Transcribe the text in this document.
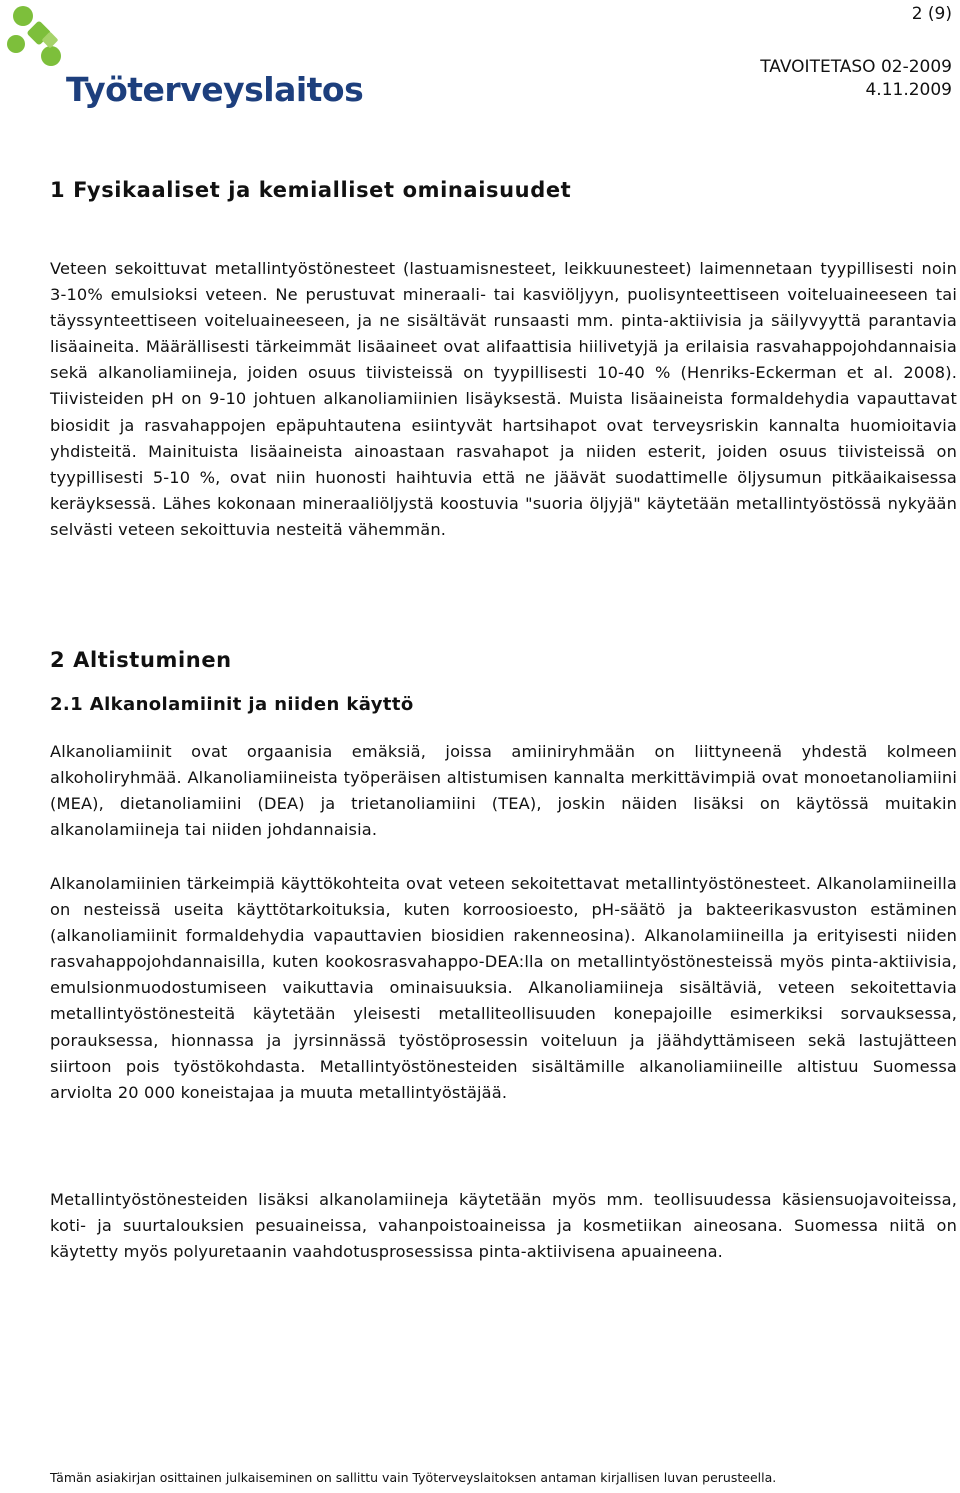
2 (9)
Työterveyslaitos
TAVOITETASO 02-2009
4.11.2009
1 Fysikaaliset ja kemialliset ominaisuudet

Veteen sekoittuvat metallintyöstönesteet (lastuamisnesteet, leikkuunesteet) laimennetaan tyypillisesti noin 3-10% emulsioksi veteen. Ne perustuvat mineraali- tai kasviöljyyn, puolisynteettiseen voiteluaineeseen tai täyssynteettiseen voiteluaineeseen, ja ne sisältävät runsaasti mm. pinta-aktiivisia ja säilyvyyttä parantavia lisäaineita. Määrällisesti tärkeimmät lisäaineet ovat alifaattisia hiilivetyjä ja erilaisia rasvahappojohdannaisia sekä alkanoliamiineja, joiden osuus tiivisteissä on tyypillisesti 10-40 % (Henriks-Eckerman et al. 2008). Tiivisteiden pH on 9-10 johtuen alkanoliamiinien lisäyksestä. Muista lisäaineista formaldehydia vapauttavat biosidit ja rasvahappojen epäpuhtautena esiintyvät hartsihapot ovat terveysriskin kannalta huomioitavia yhdisteitä. Mainituista lisäaineista ainoastaan rasvahapot ja niiden esterit, joiden osuus tiivisteissä on tyypillisesti 5-10 %, ovat niin huonosti haihtuvia että ne jäävät suodattimelle öljysumun pitkäaikaisessa keräyksessä. Lähes kokonaan mineraaliöljystä koostuvia "suoria öljyjä" käytetään metallintyöstössä nykyään selvästi veteen sekoittuvia nesteitä vähemmän.

2 Altistuminen
2.1 Alkanolamiinit ja niiden käyttö

Alkanoliamiinit ovat orgaanisia emäksiä, joissa amiiniryhmään on liittyneenä yhdestä kolmeen alkoholiryhmää. Alkanoliamiineista työperäisen altistumisen kannalta merkittävimpiä ovat monoetanoliamiini (MEA), dietanoliamiini (DEA) ja trietanoliamiini (TEA), joskin näiden lisäksi on käytössä muitakin alkanolamiineja tai niiden johdannaisia.

Alkanolamiinien tärkeimpiä käyttökohteita ovat veteen sekoitettavat metallintyöstönesteet. Alkanolamiineilla on nesteissä useita käyttötarkoituksia, kuten korroosioesto, pH-säätö ja bakteerikasvuston estäminen (alkanoliamiinit formaldehydia vapauttavien biosidien rakenneosina). Alkanolamiineilla ja erityisesti niiden rasvahappojohdannaisilla, kuten kookosrasvahappo-DEA:lla on metallintyöstönesteissä myös pinta-aktiivisia, emulsionmuodostumiseen vaikuttavia ominaisuuksia. Alkanoliamiineja sisältäviä, veteen sekoitettavia metallintyöstönesteitä käytetään yleisesti metalliteollisuuden konepajoille esimerkiksi sorvauksessa, porauksessa, hionnassa ja jyrsinnässä työstöprosessin voiteluun ja jäähdyttämiseen sekä lastujätteen siirtoon pois työstökohdasta. Metallintyöstönesteiden sisältämille alkanoliamiineille altistuu Suomessa arviolta 20 000 koneistajaa ja muuta metallintyöstäjää.

Metallintyöstönesteiden lisäksi alkanolamiineja käytetään myös mm. teollisuudessa käsiensuojavoiteissa, koti- ja suurtalouksien pesuaineissa, vahanpoistoaineissa ja kosmetiikan aineosana. Suomessa niitä on käytetty myös polyuretaanin vaahdotusprosessissa pinta-aktiivisena apuaineena.

Tämän asiakirjan osittainen julkaiseminen on sallittu vain Työterveyslaitoksen antaman kirjallisen luvan perusteella.
